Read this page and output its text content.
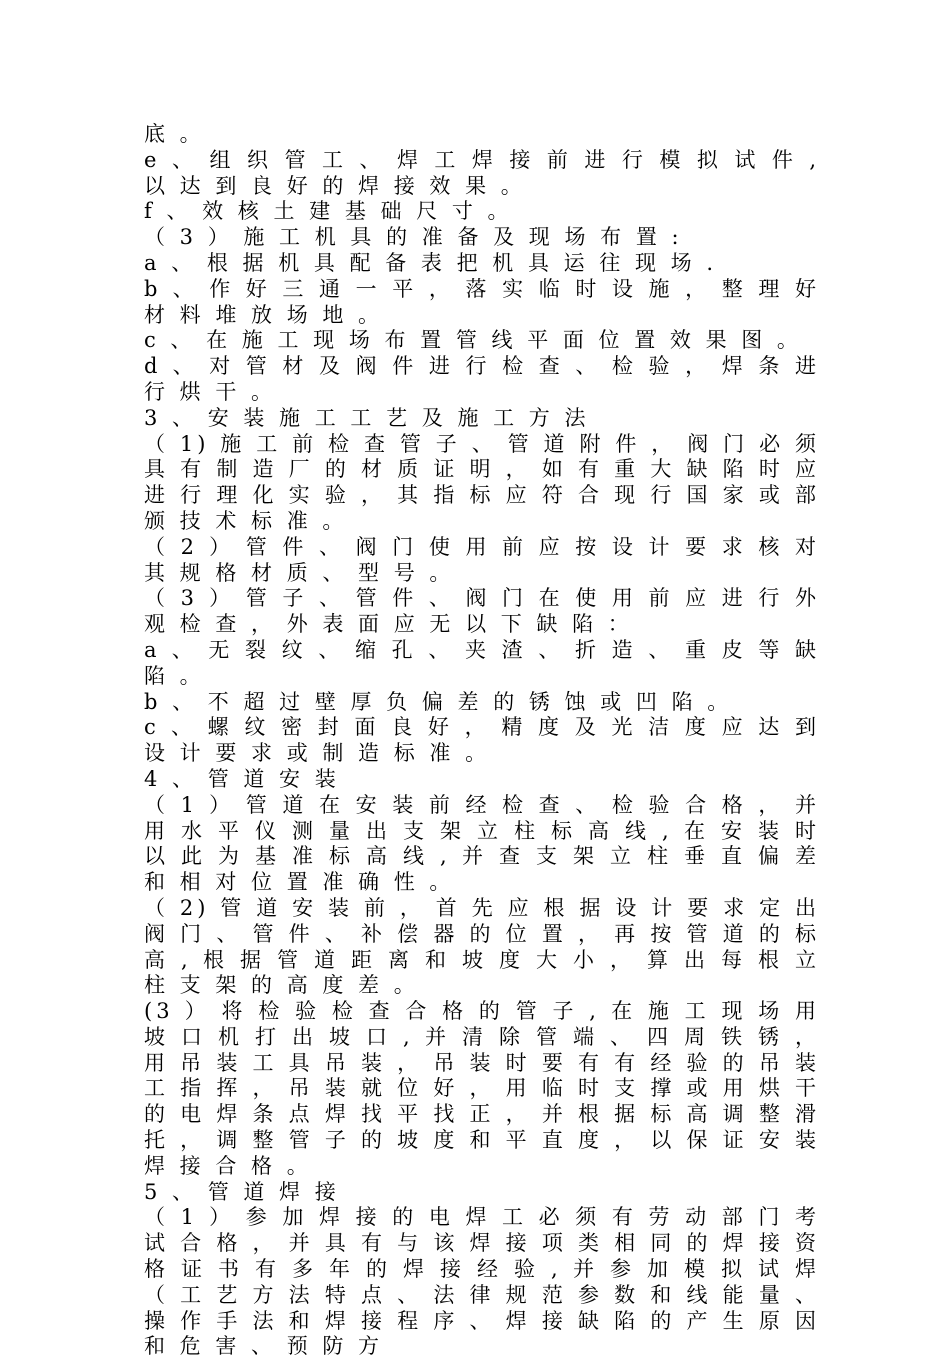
底 。

e 、 组 织 管 工 、 焊 工 焊 接 前 进 行 模 拟 试 件 , 以 达 到 良 好 的 焊 接 效 果 。

f 、 效 核 土 建 基 础 尺 寸 。

（ 3 ） 施 工 机 具 的 准 备 及 现 场 布 置 :

a 、 根 据 机 具 配 备 表 把 机 具 运 往 现 场 .

b 、 作 好 三 通 一 平 ， 落 实 临 时 设 施 ， 整 理 好 材 料 堆 放 场 地 。

c 、 在 施 工 现 场 布 置 管 线 平 面 位 置 效 果 图 。

d 、 对 管 材 及 阀 件 进 行 检 查 、 检 验 ， 焊 条 进 行 烘 干 。

3 、 安 装 施 工 工 艺 及 施 工 方 法

（ 1) 施 工 前 检 查 管 子 、 管 道 附 件 ， 阀 门 必 须 具 有 制 造 厂 的 材 质 证 明 ， 如 有 重 大 缺 陷 时 应 进 行 理 化 实 验 ， 其 指 标 应 符 合 现 行 国 家 或 部 颁 技 术 标 准 。

（ 2 ） 管 件 、 阀 门 使 用 前 应 按 设 计 要 求 核 对 其 规 格 材 质 、 型 号 。

（ 3 ） 管 子 、 管 件 、 阀 门 在 使 用 前 应 进 行 外 观 检 查 ， 外 表 面 应 无 以 下 缺 陷 ：

a 、 无 裂 纹 、 缩 孔 、 夹 渣 、 折 造 、 重 皮 等 缺 陷 。

b 、 不 超 过 壁 厚 负 偏 差 的 锈 蚀 或 凹 陷 。

c 、 螺 纹 密 封 面 良 好 ， 精 度 及 光 洁 度 应 达 到 设 计 要 求 或 制 造 标 准 。

4 、 管 道 安 装

（ 1 ） 管 道 在 安 装 前 经 检 查 、 检 验 合 格 ， 并 用 水 平 仪 测 量 出 支 架 立 柱 标 高 线 , 在 安 装 时 以 此 为 基 准 标 高 线 , 并 查 支 架 立 柱 垂 直 偏 差 和 相 对 位 置 准 确 性 。

（ 2) 管 道 安 装 前 ， 首 先 应 根 据 设 计 要 求 定 出 阀 门 、 管 件 、 补 偿 器 的 位 置 ， 再 按 管 道 的 标 高 , 根 据 管 道 距 离 和 坡 度 大 小 ， 算 出 每 根 立 柱 支 架 的 高 度 差 。

(3 ） 将 检 验 检 查 合 格 的 管 子 , 在 施 工 现 场 用 坡 口 机 打 出 坡 口 , 并 清 除 管 端 、 四 周 铁 锈 ， 用 吊 装 工 具 吊 装 ， 吊 装 时 要 有 有 经 验 的 吊 装 工 指 挥 ， 吊 装 就 位 好 ， 用 临 时 支 撑 或 用 烘 干 的 电 焊 条 点 焊 找 平 找 正 ， 并 根 据 标 高 调 整 滑 托 ， 调 整 管 子 的 坡 度 和 平 直 度 ， 以 保 证 安 装 焊 接 合 格 。

5 、 管 道 焊 接

（ 1 ） 参 加 焊 接 的 电 焊 工 必 须 有 劳 动 部 门 考 试 合 格 ， 并 具 有 与 该 焊 接 项 类 相 同 的 焊 接 资 格 证 书 有 多 年 的 焊 接 经 验 , 并 参 加 模 拟 试 焊 （ 工 艺 方 法 特 点 、 法 律 规 范 参 数 和 线 能 量 、 操 作 手 法 和 焊 接 程 序 、 焊 接 缺 陷 的 产 生 原 因 和 危 害 、 预 防 方
